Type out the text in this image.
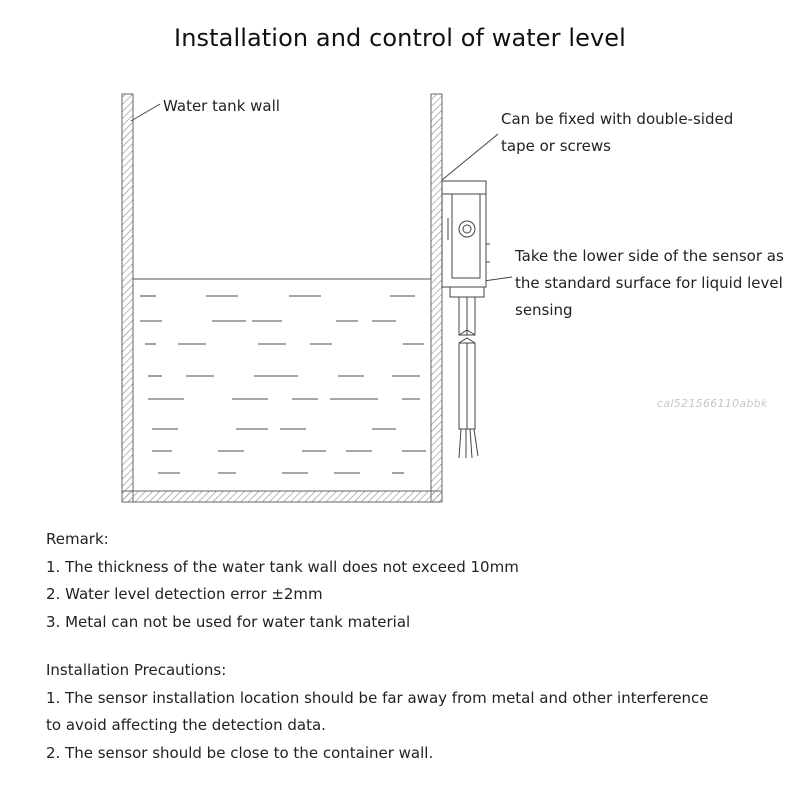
Installation and control of water level
Water tank wall
Can be fixed with double-sided
tape or screws
Take the lower side of the sensor as
the standard surface for liquid level
sensing
cal521566110abbk
Remark:
1. The thickness of the water tank wall does not exceed 10mm
2. Water level detection error ±2mm
3. Metal can not be used for water tank material
Installation Precautions:
1. The sensor installation location should be far away from metal and other interference
to avoid affecting the detection data.
2. The sensor should be close to the container wall.
